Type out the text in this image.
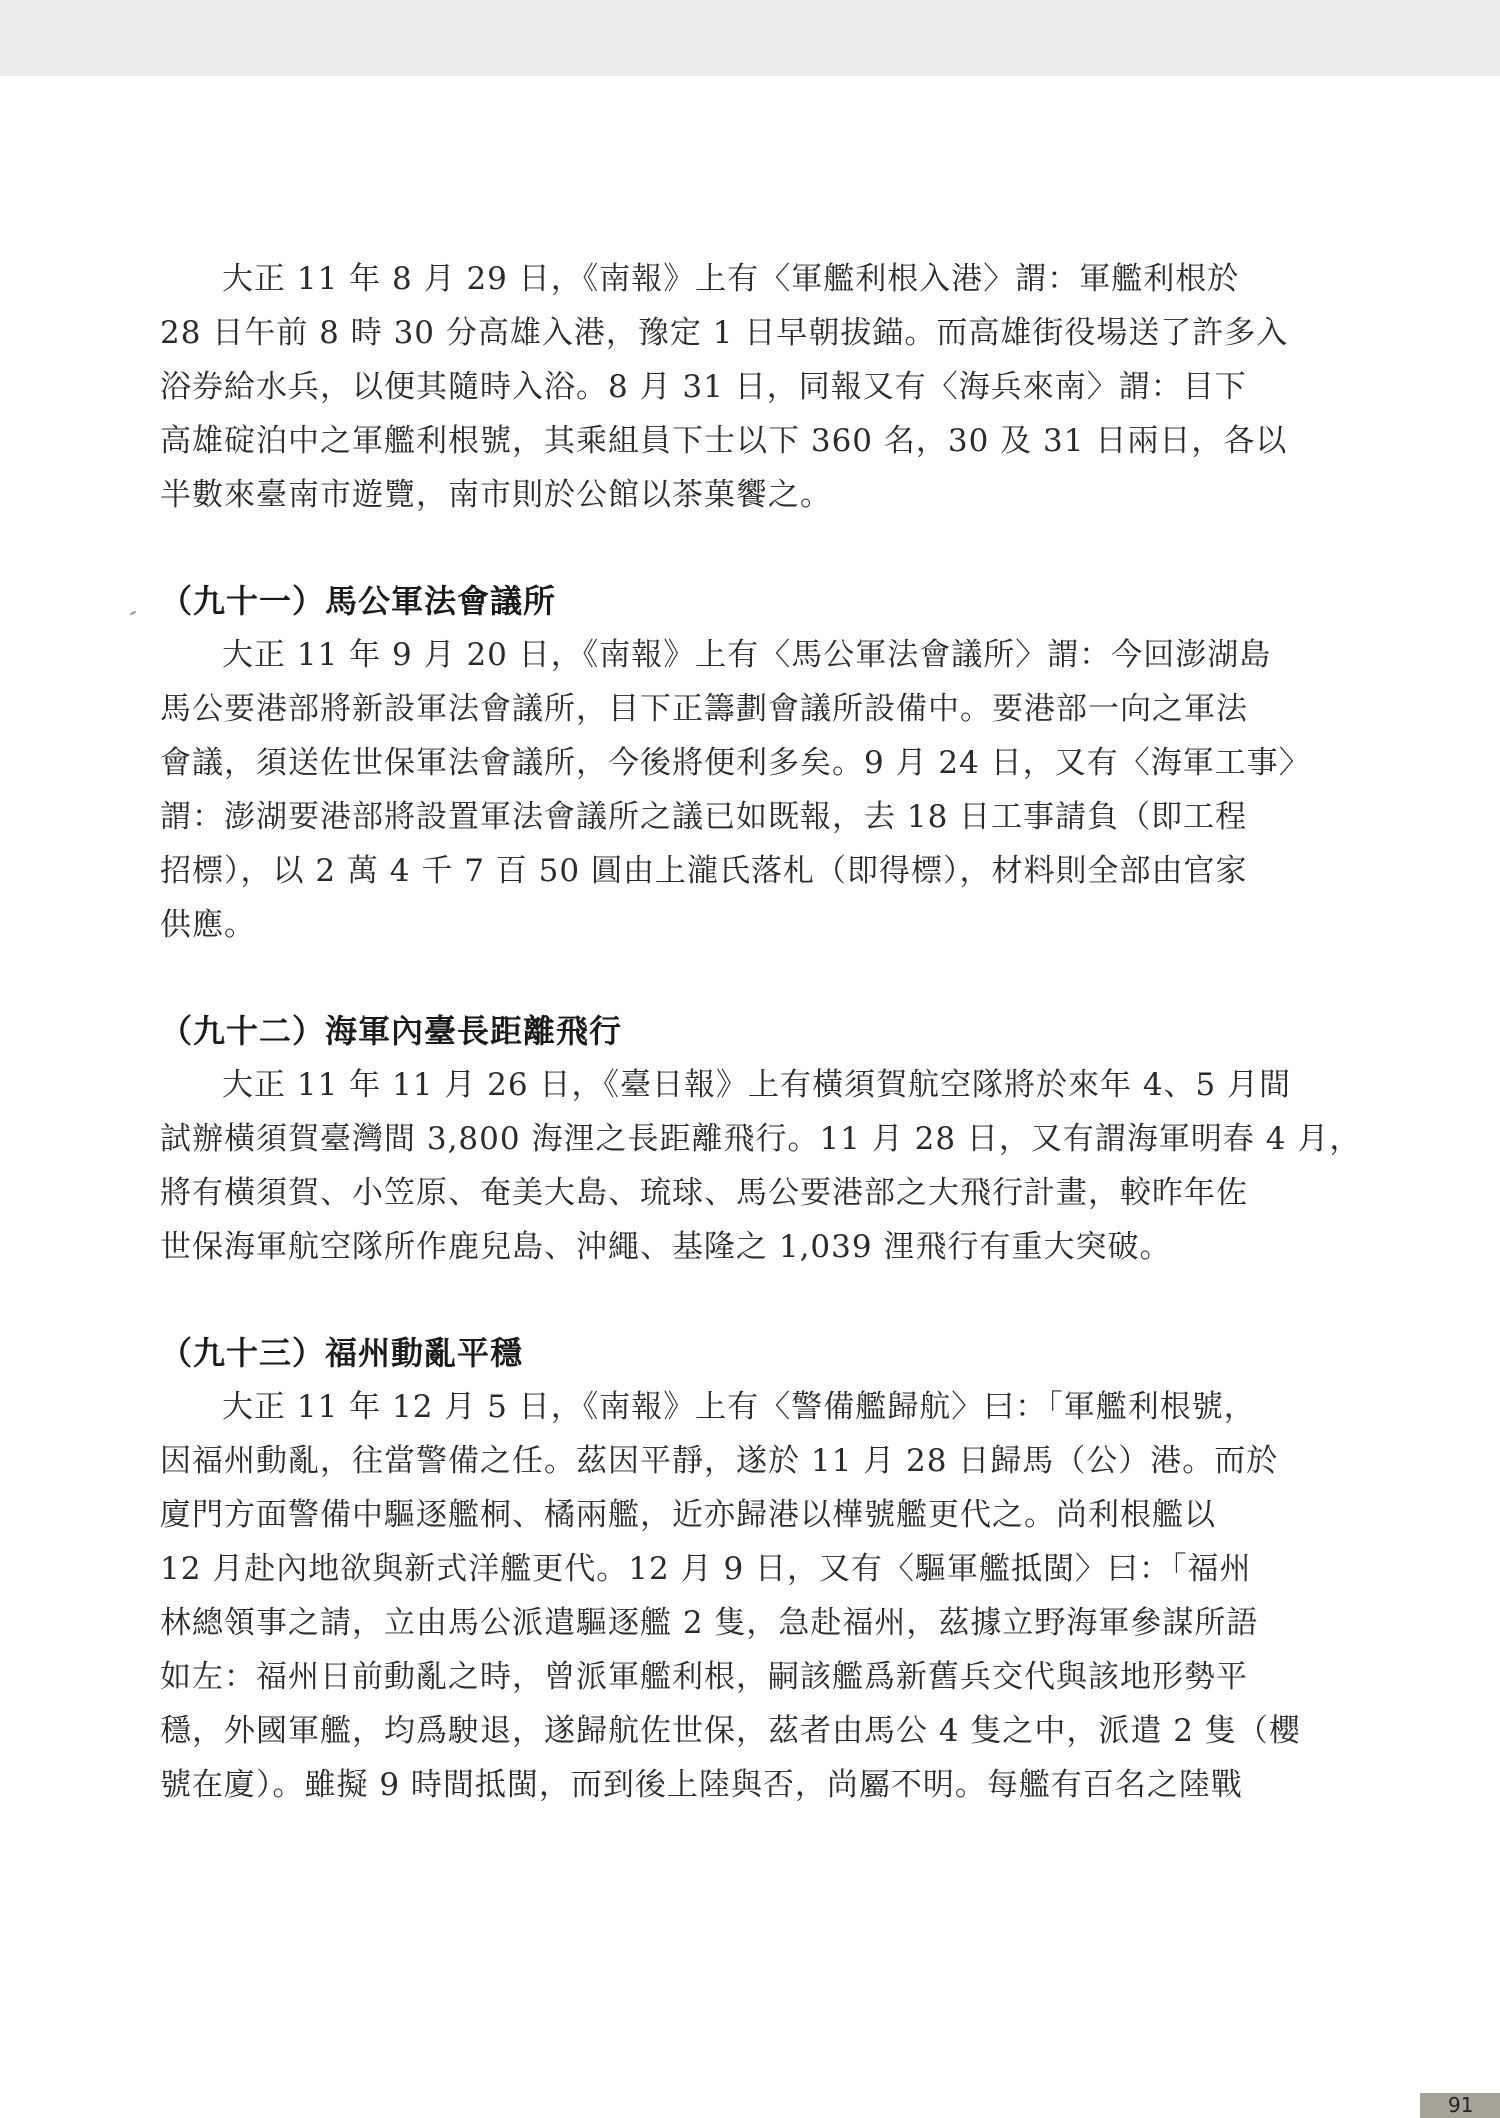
大正 11 年 8 月 29 日，《南報》上有〈軍艦利根入港〉謂：軍艦利根於
28 日午前 8 時 30 分高雄入港，豫定 1 日早朝拔錨。而高雄街役場送了許多入
浴券給水兵，以便其隨時入浴。8 月 31 日，同報又有〈海兵來南〉謂：目下
高雄碇泊中之軍艦利根號，其乘組員下士以下 360 名，30 及 31 日兩日，各以
半數來臺南市遊覽，南市則於公館以茶菓饗之。

（九十一）馬公軍法會議所

大正 11 年 9 月 20 日，《南報》上有〈馬公軍法會議所〉謂：今回澎湖島
馬公要港部將新設軍法會議所，目下正籌劃會議所設備中。要港部一向之軍法
會議，須送佐世保軍法會議所，今後將便利多矣。9 月 24 日，又有〈海軍工事〉
謂：澎湖要港部將設置軍法會議所之議已如既報，去 18 日工事請負（即工程
招標），以 2 萬 4 千 7 百 50 圓由上瀧氏落札（即得標），材料則全部由官家
供應。

（九十二）海軍內臺長距離飛行

大正 11 年 11 月 26 日，《臺日報》上有橫須賀航空隊將於來年 4、5 月間
試辦橫須賀臺灣間 3,800 海浬之長距離飛行。11 月 28 日，又有謂海軍明春 4 月，
將有橫須賀、小笠原、奄美大島、琉球、馬公要港部之大飛行計畫，較昨年佐
世保海軍航空隊所作鹿兒島、沖繩、基隆之 1,039 浬飛行有重大突破。

（九十三）福州動亂平穩

大正 11 年 12 月 5 日，《南報》上有〈警備艦歸航〉曰：「軍艦利根號，
因福州動亂，往當警備之任。茲因平靜，遂於 11 月 28 日歸馬（公）港。而於
廈門方面警備中驅逐艦桐、橘兩艦，近亦歸港以樺號艦更代之。尚利根艦以
12 月赴內地欲與新式洋艦更代。12 月 9 日，又有〈驅軍艦抵閩〉曰：「福州
林總領事之請，立由馬公派遣驅逐艦 2 隻，急赴福州，茲據立野海軍參謀所語
如左：福州日前動亂之時，曾派軍艦利根，嗣該艦爲新舊兵交代與該地形勢平
穩，外國軍艦，均爲駛退，遂歸航佐世保，茲者由馬公 4 隻之中，派遣 2 隻（櫻
號在廈）。雖擬 9 時間抵閩，而到後上陸與否，尚屬不明。每艦有百名之陸戰

91
